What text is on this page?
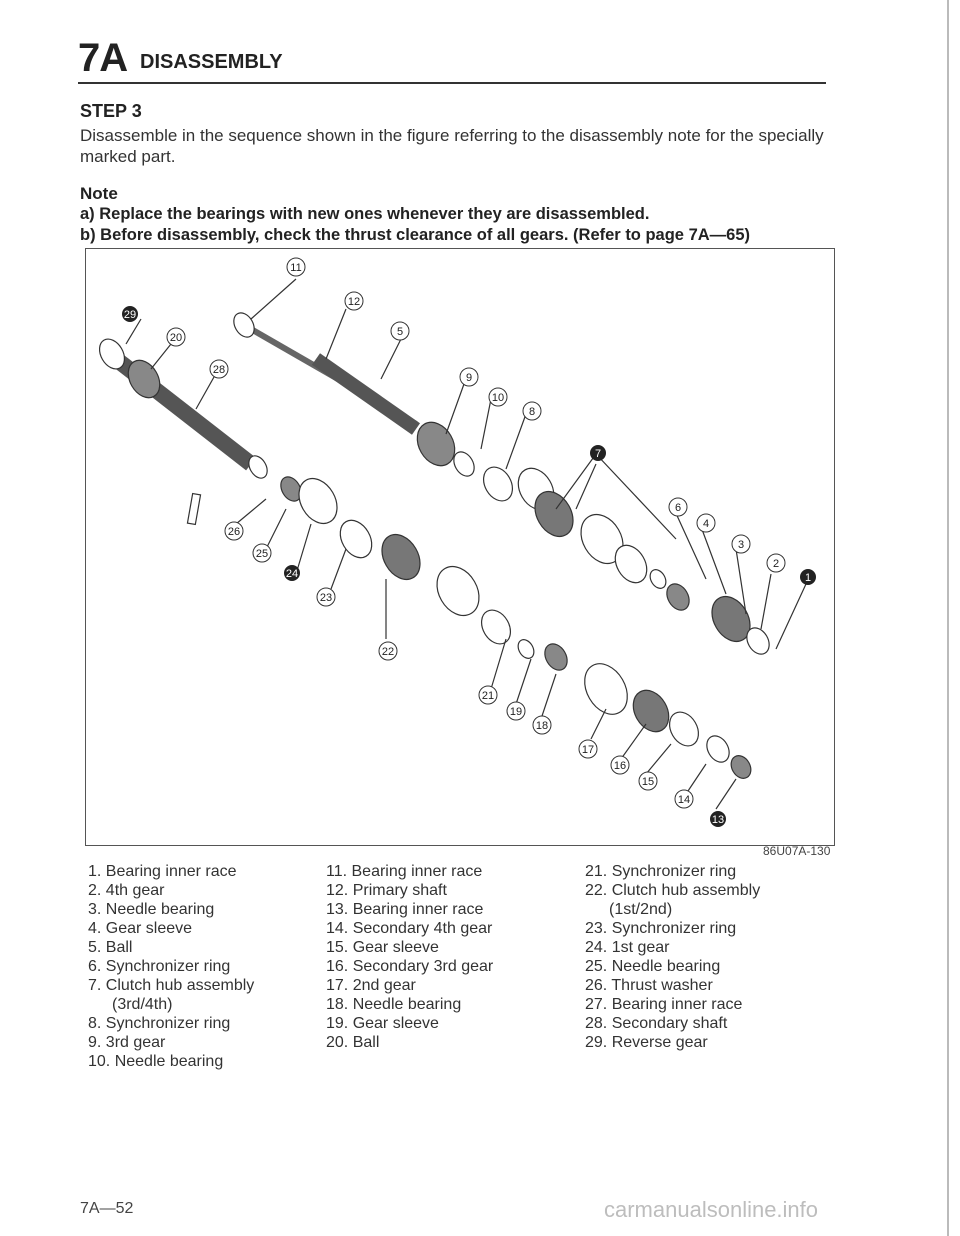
7A DISASSEMBLY
STEP 3
Disassemble in the sequence shown in the figure referring to the disassembly note for the specially marked part.
Note
a) Replace the bearings with new ones whenever they are disassembled.
b) Before disassembly, check the thrust clearance of all gears. (Refer to page 7A—65)
11
12
5
29
20
28
9
10
8
7
6
4
3
2
1
26
25
24
23
22
21
19
18
17
16
15
14
13
86U07A-130
1. Bearing inner race
2. 4th gear
3. Needle bearing
4. Gear sleeve
5. Ball
6. Synchronizer ring
7. Clutch hub assembly
(3rd/4th)
8. Synchronizer ring
9. 3rd gear
10. Needle bearing
11. Bearing inner race
12. Primary shaft
13. Bearing inner race
14. Secondary 4th gear
15. Gear sleeve
16. Secondary 3rd gear
17. 2nd gear
18. Needle bearing
19. Gear sleeve
20. Ball
21. Synchronizer ring
22. Clutch hub assembly
(1st/2nd)
23. Synchronizer ring
24. 1st gear
25. Needle bearing
26. Thrust washer
27. Bearing inner race
28. Secondary shaft
29. Reverse gear
7A—52	carmanualsonline.info
